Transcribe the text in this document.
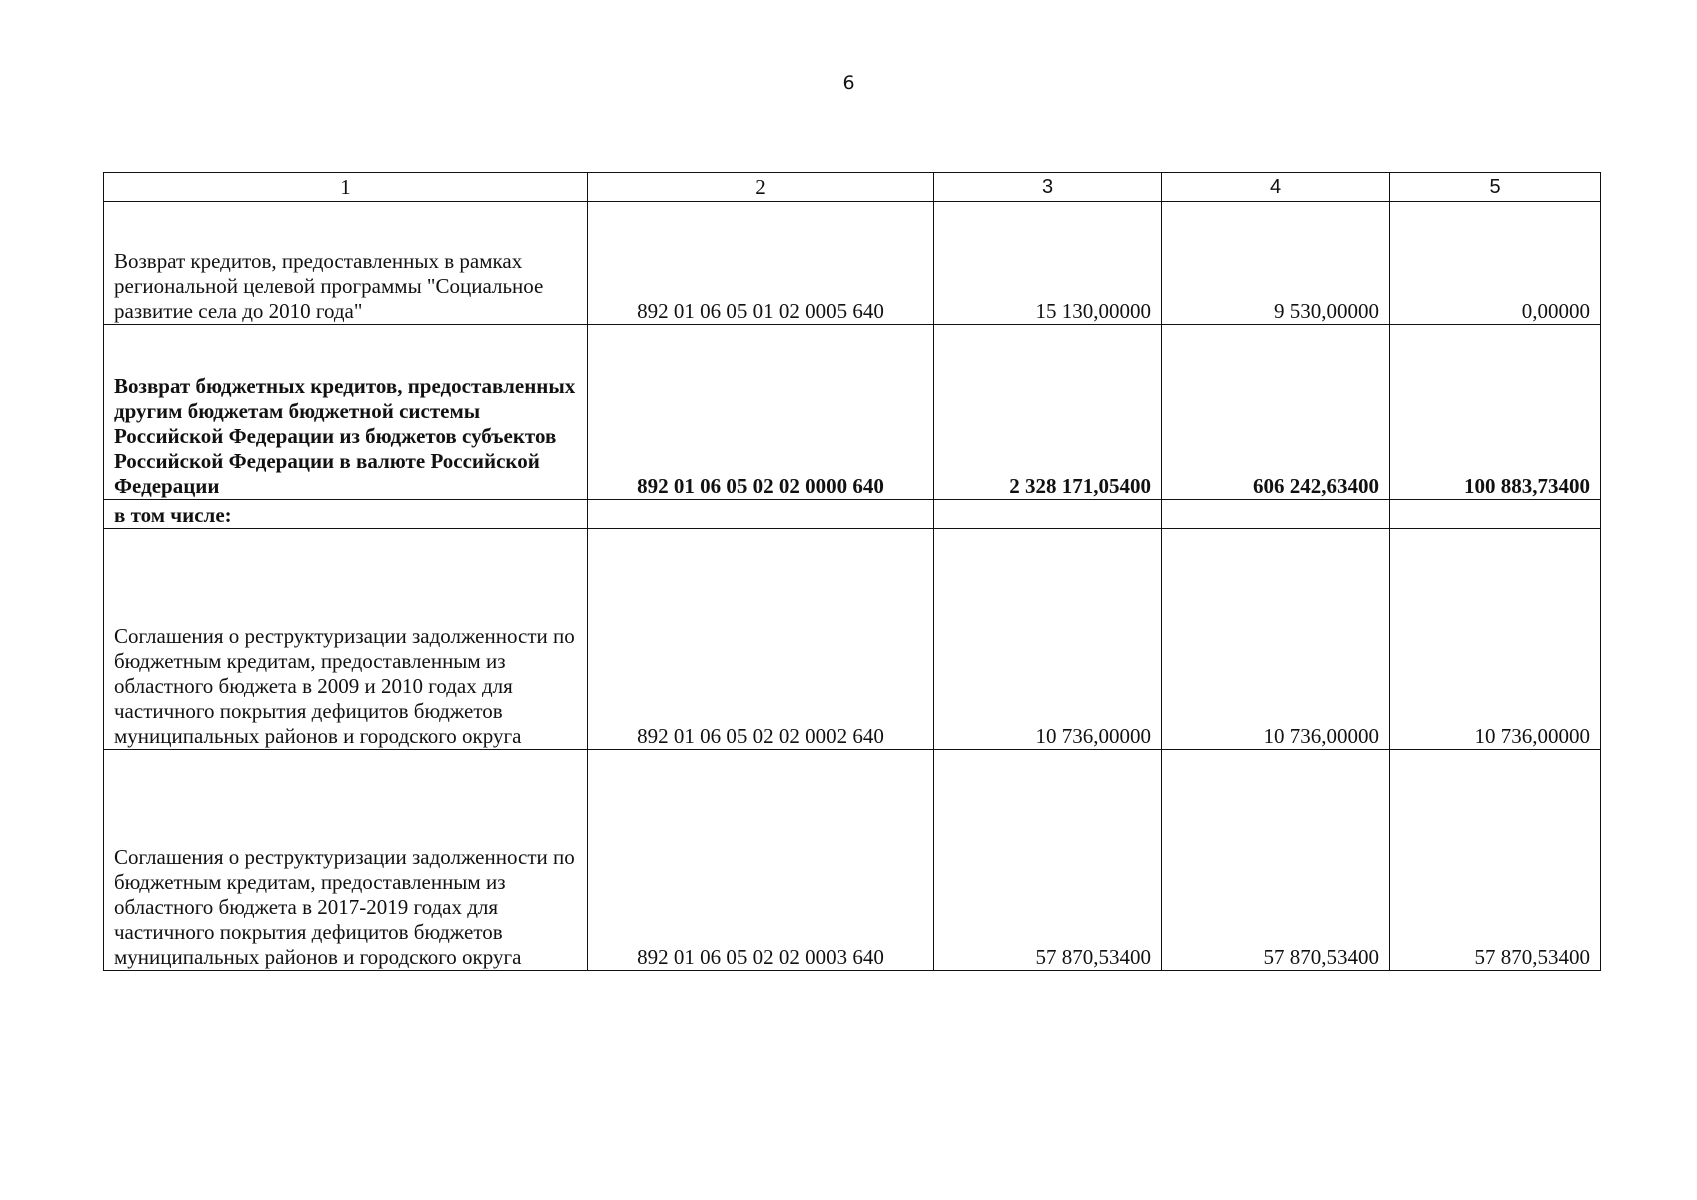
6
1	2	3	4	5
Возврат кредитов, предоставленных в рамках региональной целевой программы "Социальное развитие села до 2010 года"	892 01 06 05 01 02 0005 640	15 130,00000	9 530,00000	0,00000
Возврат бюджетных кредитов, предоставленных другим бюджетам бюджетной системы Российской Федерации из бюджетов субъектов Российской Федерации в валюте Российской Федерации	892 01 06 05 02 02 0000 640	2 328 171,05400	606 242,63400	100 883,73400
в том числе:				
Соглашения о реструктуризации задолженности по бюджетным кредитам, предоставленным из областного бюджета в 2009 и 2010 годах для частичного покрытия дефицитов бюджетов муниципальных районов и городского округа	892 01 06 05 02 02 0002 640	10 736,00000	10 736,00000	10 736,00000
Соглашения о реструктуризации задолженности по бюджетным кредитам, предоставленным из областного бюджета в 2017-2019 годах для частичного покрытия дефицитов бюджетов муниципальных районов и городского округа	892 01 06 05 02 02 0003 640	57 870,53400	57 870,53400	57 870,53400
